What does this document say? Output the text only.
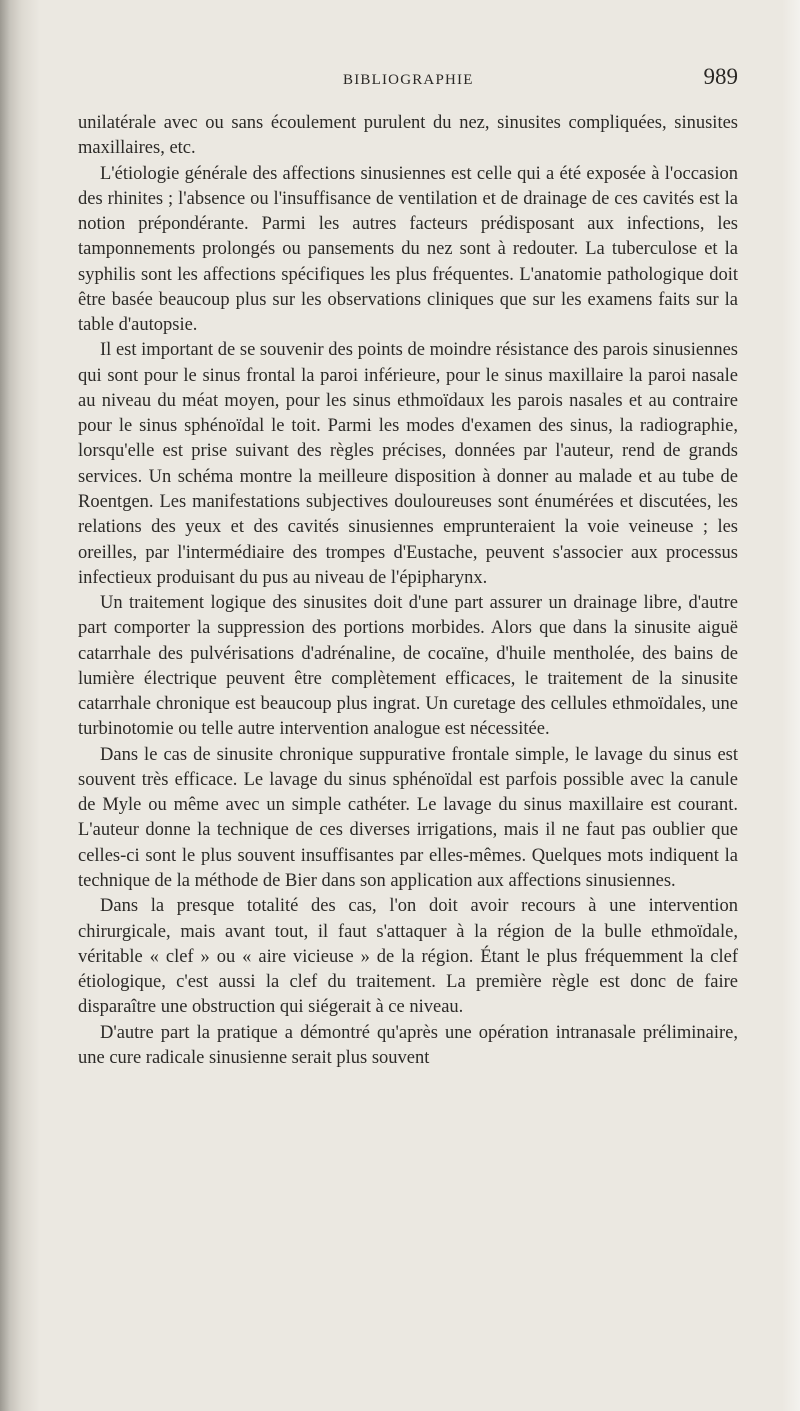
BIBLIOGRAPHIE	989

unilatérale avec ou sans écoulement purulent du nez, sinusites compliquées, sinusites maxillaires, etc.

L'étiologie générale des affections sinusiennes est celle qui a été exposée à l'occasion des rhinites ; l'absence ou l'insuffisance de ventilation et de drainage de ces cavités est la notion prépondérante. Parmi les autres facteurs prédisposant aux infections, les tamponnements prolongés ou pansements du nez sont à redouter. La tuberculose et la syphilis sont les affections spécifiques les plus fréquentes. L'anatomie pathologique doit être basée beaucoup plus sur les observations cliniques que sur les examens faits sur la table d'autopsie.

Il est important de se souvenir des points de moindre résistance des parois sinusiennes qui sont pour le sinus frontal la paroi inférieure, pour le sinus maxillaire la paroi nasale au niveau du méat moyen, pour les sinus ethmoïdaux les parois nasales et au contraire pour le sinus sphénoïdal le toit. Parmi les modes d'examen des sinus, la radiographie, lorsqu'elle est prise suivant des règles précises, données par l'auteur, rend de grands services. Un schéma montre la meilleure disposition à donner au malade et au tube de Roentgen. Les manifestations subjectives douloureuses sont énumérées et discutées, les relations des yeux et des cavités sinusiennes emprunteraient la voie veineuse ; les oreilles, par l'intermédiaire des trompes d'Eustache, peuvent s'associer aux processus infectieux produisant du pus au niveau de l'épipharynx.

Un traitement logique des sinusites doit d'une part assurer un drainage libre, d'autre part comporter la suppression des portions morbides. Alors que dans la sinusite aiguë catarrhale des pulvérisations d'adrénaline, de cocaïne, d'huile mentholée, des bains de lumière électrique peuvent être complètement efficaces, le traitement de la sinusite catarrhale chronique est beaucoup plus ingrat. Un curetage des cellules ethmoïdales, une turbinotomie ou telle autre intervention analogue est nécessitée.

Dans le cas de sinusite chronique suppurative frontale simple, le lavage du sinus est souvent très efficace. Le lavage du sinus sphénoïdal est parfois possible avec la canule de Myle ou même avec un simple cathéter. Le lavage du sinus maxillaire est courant. L'auteur donne la technique de ces diverses irrigations, mais il ne faut pas oublier que celles-ci sont le plus souvent insuffisantes par elles-mêmes. Quelques mots indiquent la technique de la méthode de Bier dans son application aux affections sinusiennes.

Dans la presque totalité des cas, l'on doit avoir recours à une intervention chirurgicale, mais avant tout, il faut s'attaquer à la région de la bulle ethmoïdale, véritable « clef » ou « aire vicieuse » de la région. Étant le plus fréquemment la clef étiologique, c'est aussi la clef du traitement. La première règle est donc de faire disparaître une obstruction qui siégerait à ce niveau.

D'autre part la pratique a démontré qu'après une opération intranasale préliminaire, une cure radicale sinusienne serait plus souvent
